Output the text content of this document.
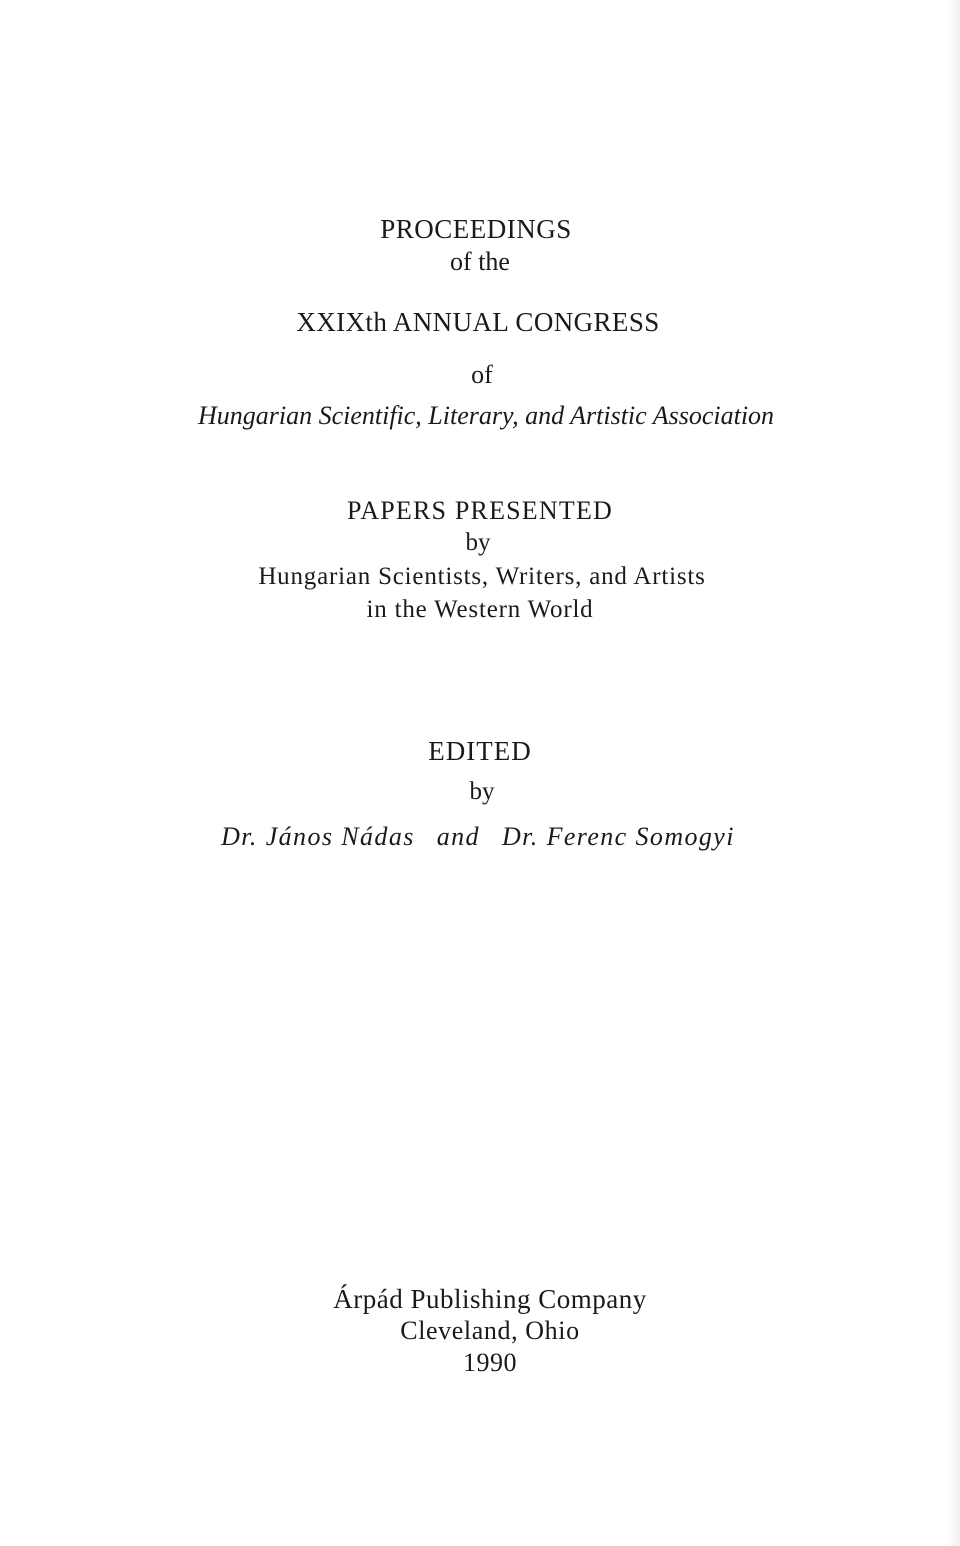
PROCEEDINGS
of the
XXIXth ANNUAL CONGRESS
of
Hungarian Scientific, Literary, and Artistic Association
PAPERS PRESENTED
by
Hungarian Scientists, Writers, and Artists
in the Western World
EDITED
by
Dr. János Nádas and Dr. Ferenc Somogyi
Árpád Publishing Company
Cleveland, Ohio
1990
